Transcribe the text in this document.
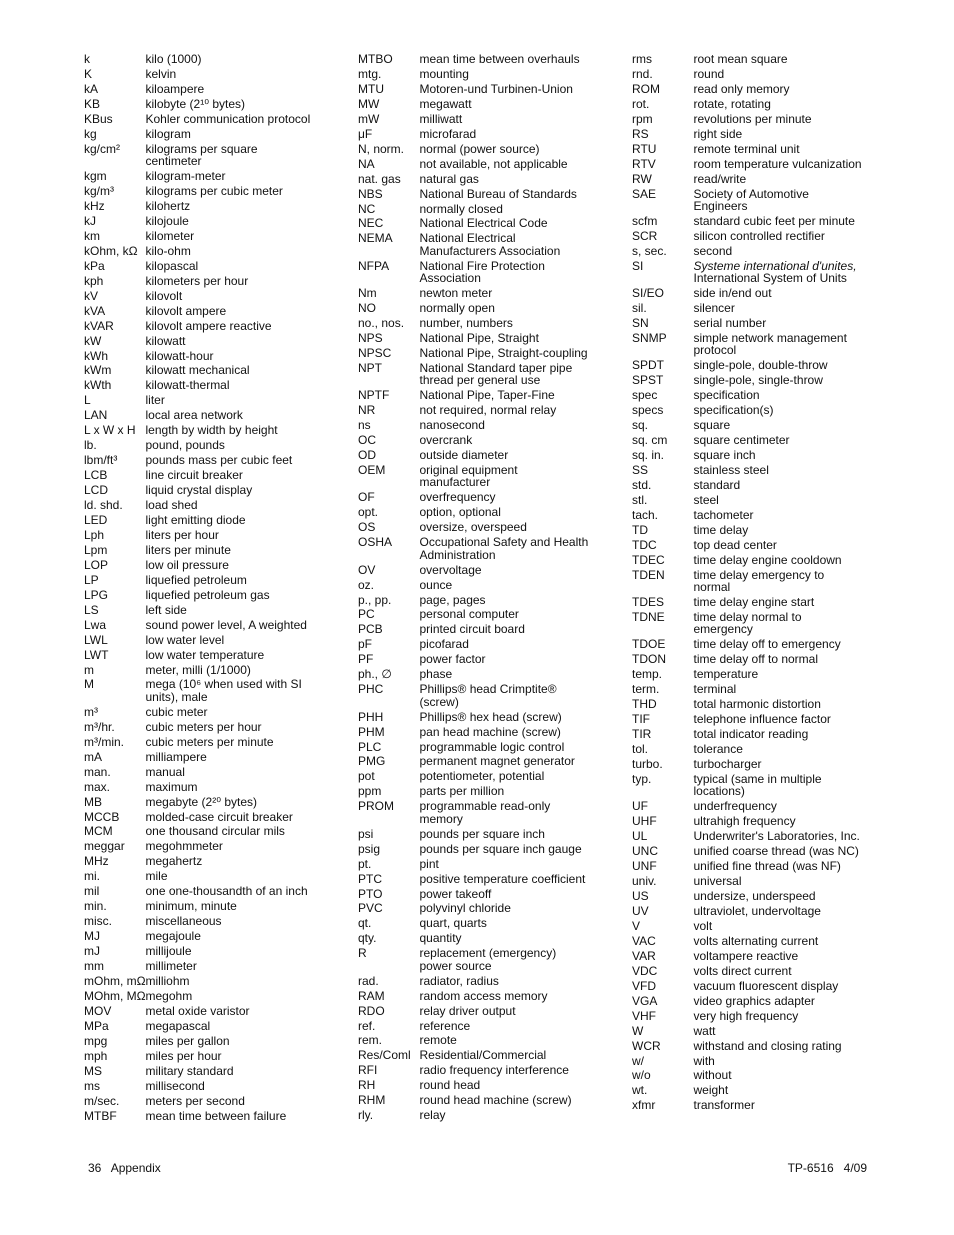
k	kilo (1000)
K	kelvin
kA	kiloampere
KB	kilobyte (2¹⁰ bytes)
KBus	Kohler communication protocol
kg	kilogram
kg/cm²	kilograms per square
centimeter
kgm	kilogram-meter
kg/m³	kilograms per cubic meter
kHz	kilohertz
kJ	kilojoule
km	kilometer
kOhm, kΩ kilo-ohm
kPa	kilopascal
kph	kilometers per hour
kV	kilovolt
kVA	kilovolt ampere
kVAR	kilovolt ampere reactive
kW	kilowatt
kWh	kilowatt-hour
kWm	kilowatt mechanical
kWth	kilowatt-thermal
L	liter
LAN	local area network
L x W x H length by width by height
lb.	pound, pounds
lbm/ft³	pounds mass per cubic feet
LCB	line circuit breaker
LCD	liquid crystal display
ld. shd.	load shed
LED	light emitting diode
Lph	liters per hour
Lpm	liters per minute
LOP	low oil pressure
LP	liquefied petroleum
LPG	liquefied petroleum gas
LS	left side
Lwa	sound power level, A weighted
LWL	low water level
LWT	low water temperature
m	meter, milli (1/1000)
M	mega (10⁶ when used with SI
units), male
m³	cubic meter
m³/hr.	cubic meters per hour
m³/min.	cubic meters per minute
mA	milliampere
man.	manual
max.	maximum
MB	megabyte (2²⁰ bytes)
MCCB	molded-case circuit breaker
MCM	one thousand circular mils
meggar	megohmmeter
MHz	megahertz
mi.	mile
mil	one one-thousandth of an inch
min.	minimum, minute
misc.	miscellaneous
MJ	megajoule
mJ	millijoule
mm	millimeter
mOhm, mΩ milliohm
MOhm, MΩ megohm
MOV	metal oxide varistor
MPa	megapascal
mpg	miles per gallon
mph	miles per hour
MS	military standard
ms	millisecond
m/sec.	meters per second
MTBF	mean time between failure
MTBO	mean time between overhauls
mtg.	mounting
MTU	Motoren-und Turbinen-Union
MW	megawatt
mW	milliwatt
μF	microfarad
N, norm.	normal (power source)
NA	not available, not applicable
nat. gas	natural gas
NBS	National Bureau of Standards
NC	normally closed
NEC	National Electrical Code
NEMA	National Electrical
Manufacturers Association
NFPA	National Fire Protection
Association
Nm	newton meter
NO	normally open
no., nos.	number, numbers
NPS	National Pipe, Straight
NPSC	National Pipe, Straight-coupling
NPT	National Standard taper pipe
thread per general use
NPTF	National Pipe, Taper-Fine
NR	not required, normal relay
ns	nanosecond
OC	overcrank
OD	outside diameter
OEM	original equipment
manufacturer
OF	overfrequency
opt.	option, optional
OS	oversize, overspeed
OSHA	Occupational Safety and Health
Administration
OV	overvoltage
oz.	ounce
p., pp.	page, pages
PC	personal computer
PCB	printed circuit board
pF	picofarad
PF	power factor
ph., ∅	phase
PHC	Phillips® head Crimptite®
(screw)
PHH	Phillips® hex head (screw)
PHM	pan head machine (screw)
PLC	programmable logic control
PMG	permanent magnet generator
pot	potentiometer, potential
ppm	parts per million
PROM	programmable read-only
memory
psi	pounds per square inch
psig	pounds per square inch gauge
pt.	pint
PTC	positive temperature coefficient
PTO	power takeoff
PVC	polyvinyl chloride
qt.	quart, quarts
qty.	quantity
R	replacement (emergency)
power source
rad.	radiator, radius
RAM	random access memory
RDO	relay driver output
ref.	reference
rem.	remote
Res/Coml Residential/Commercial
RFI	radio frequency interference
RH	round head
RHM	round head machine (screw)
rly.	relay
rms	root mean square
rnd.	round
ROM	read only memory
rot.	rotate, rotating
rpm	revolutions per minute
RS	right side
RTU	remote terminal unit
RTV	room temperature vulcanization
RW	read/write
SAE	Society of Automotive
Engineers
scfm	standard cubic feet per minute
SCR	silicon controlled rectifier
s, sec.	second
SI	Systeme international d'unites,
International System of Units
SI/EO	side in/end out
sil.	silencer
SN	serial number
SNMP	simple network management
protocol
SPDT	single-pole, double-throw
SPST	single-pole, single-throw
spec	specification
specs	specification(s)
sq.	square
sq. cm	square centimeter
sq. in.	square inch
SS	stainless steel
std.	standard
stl.	steel
tach.	tachometer
TD	time delay
TDC	top dead center
TDEC	time delay engine cooldown
TDEN	time delay emergency to
normal
TDES	time delay engine start
TDNE	time delay normal to
emergency
TDOE	time delay off to emergency
TDON	time delay off to normal
temp.	temperature
term.	terminal
THD	total harmonic distortion
TIF	telephone influence factor
TIR	total indicator reading
tol.	tolerance
turbo.	turbocharger
typ.	typical (same in multiple
locations)
UF	underfrequency
UHF	ultrahigh frequency
UL	Underwriter's Laboratories, Inc.
UNC	unified coarse thread (was NC)
UNF	unified fine thread (was NF)
univ.	universal
US	undersize, underspeed
UV	ultraviolet, undervoltage
V	volt
VAC	volts alternating current
VAR	voltampere reactive
VDC	volts direct current
VFD	vacuum fluorescent display
VGA	video graphics adapter
VHF	very high frequency
W	watt
WCR	withstand and closing rating
w/	with
w/o	without
wt.	weight
xfmr	transformer
36 Appendix	TP-6516 4/09
